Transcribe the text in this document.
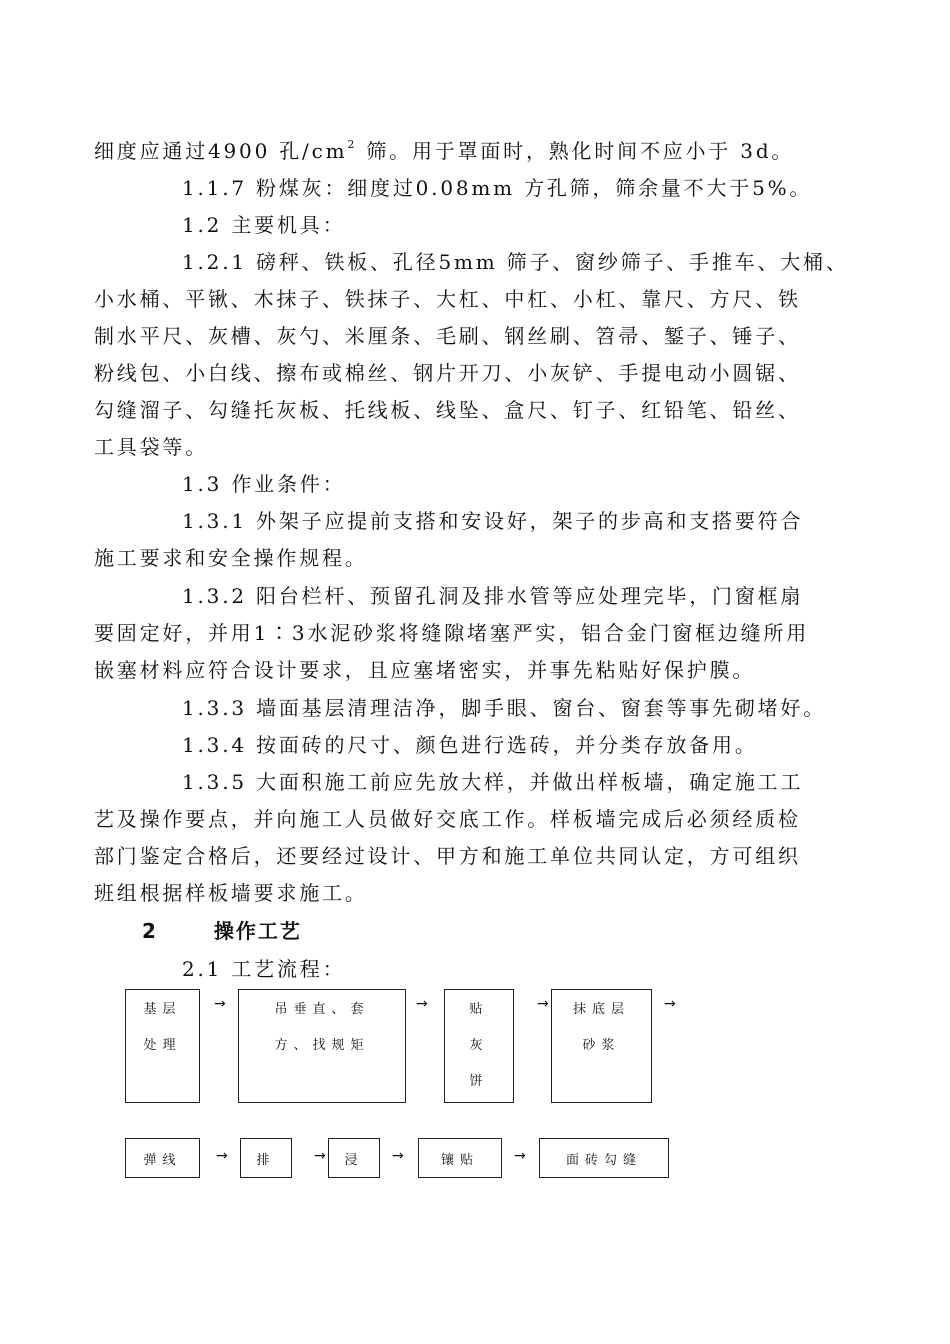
细度应通过4900 孔$/cm^2$ 筛。用于罩面时，熟化时间不应小于 3d。
1.1.7 粉煤灰：细度过0.08mm 方孔筛，筛余量不大于5%。
1.2 主要机具：
1.2.1 磅秤、铁板、孔径5mm 筛子、窗纱筛子、手推车、大桶、
小水桶、平锹、木抹子、铁抹子、大杠、中杠、小杠、靠尺、方尺、铁
制水平尺、灰槽、灰勺、米厘条、毛刷、钢丝刷、笤帚、錾子、锤子、
粉线包、小白线、擦布或棉丝、钢片开刀、小灰铲、手提电动小圆锯、
勾缝溜子、勾缝托灰板、托线板、线坠、盒尺、钉子、红铅笔、铅丝、
工具袋等。
1.3 作业条件：
1.3.1 外架子应提前支搭和安设好，架子的步高和支搭要符合
施工要求和安全操作规程。
1.3.2 阳台栏杆、预留孔洞及排水管等应处理完毕，门窗框扇
要固定好，并用1∶3水泥砂浆将缝隙堵塞严实，铝合金门窗框边缝所用
嵌塞材料应符合设计要求，且应塞堵密实，并事先粘贴好保护膜。
1.3.3 墙面基层清理洁净，脚手眼、窗台、窗套等事先砌堵好。
1.3.4 按面砖的尺寸、颜色进行选砖，并分类存放备用。
1.3.5 大面积施工前应先放大样，并做出样板墙，确定施工工
艺及操作要点，并向施工人员做好交底工作。样板墙完成后必须经质检
部门鉴定合格后，还要经过设计、甲方和施工单位共同认定，方可组织
班组根据样板墙要求施工。
2	操作工艺
2.1 工艺流程：
基层
处理
→	吊垂直、套
方、找规矩
→	贴
灰
饼
→	抹底层
砂浆
→
弹线	→	排	→	浸	→	镶贴	→	面砖勾缝
